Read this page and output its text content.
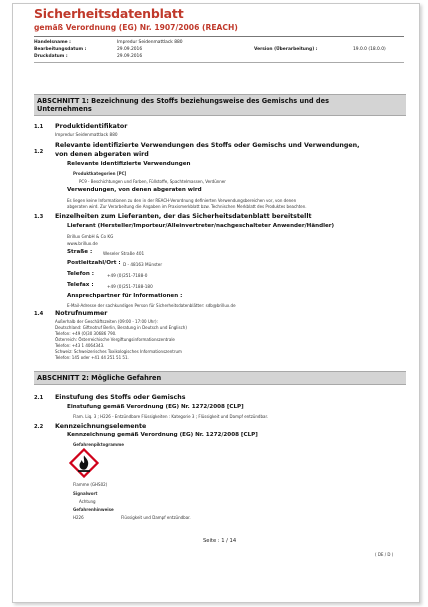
Sicherheitsdatenblatt
gemäß Verordnung (EG) Nr. 1907/2006 (REACH)
Handelsname :	Impredur Seidenmattlack 880
Bearbeitungsdatum :	29.09.2016
Druckdatum :	29.09.2016
Version (Überarbeitung) :	19.0.0 (18.0.0)
ABSCHNITT 1: Bezeichnung des Stoffs beziehungsweise des Gemischs und des
Unternehmens
1.1 Produktidentifikator
Impredur Seidenmattlack 880
1.2
Relevante identifizierte Verwendungen des Stoffs oder Gemischs und Verwendungen,
von denen abgeraten wird
Relevante identifizierte Verwendungen
Produktkategorien [PC]
PC9 - Beschichtungen und Farben, Füllstoffe, Spachtelmassen, Verdünner
Verwendungen, von denen abgeraten wird
Es liegen keine Informationen zu den in der REACH-Verordnung definierten Verwendungsbereichen vor, von denen
abgeraten wird. Zur Verarbeitung die Angaben im Praxismerkblatt bzw. Technischen Merkblatt des Produktes beachten.
1.3 Einzelheiten zum Lieferanten, der das Sicherheitsdatenblatt bereitstellt
Lieferant (Hersteller/Importeur/Alleinvertreter/nachgeschalteter Anwender/Händler)
Brillux GmbH & Co KG
www.brillux.de
Straße :	Weseler Straße 401
Postleitzahl/Ort : D - 48163 Münster
Telefon :	+49 (0)251-7188-0
Telefax :	+49 (0)251-7188-180
Ansprechpartner für Informationen :
E-Mail-Adresse der sachkundigen Person für Sicherheitsdatenblätter: sdb@brillux.de
1.4 Notrufnummer
Außerhalb der Geschäftszeiten (09:00 - 17:00 Uhr):
Deutschland: Giftnotruf Berlin, Beratung in Deutsch und Englisch)
Telefon: +49 (0)30 30686 790.
Österreich: Österreichische Vergiftungsinformationszentrale
Telefon: +43 1 4064343.
Schweiz: Schweizerisches Toxikologisches Informationszentrum
Telefon: 145 oder +41 44 251 51 51.
ABSCHNITT 2: Mögliche Gefahren
2.1 Einstufung des Stoffs oder Gemischs
Einstufung gemäß Verordnung (EG) Nr. 1272/2008 [CLP]
Flam. Liq. 3 ; H226 - Entzündbare Flüssigkeiten : Kategorie 3 ; Flüssigkeit und Dampf entzündbar.
2.2 Kennzeichnungselemente
Kennzeichnung gemäß Verordnung (EG) Nr. 1272/2008 [CLP]
Gefahrenpiktogramme
Flamme (GHS02)
Signalwort
Achtung
Gefahrenhinweise
H226	Flüssigkeit und Dampf entzündbar.
Seite : 1 / 14
( DE / D )
